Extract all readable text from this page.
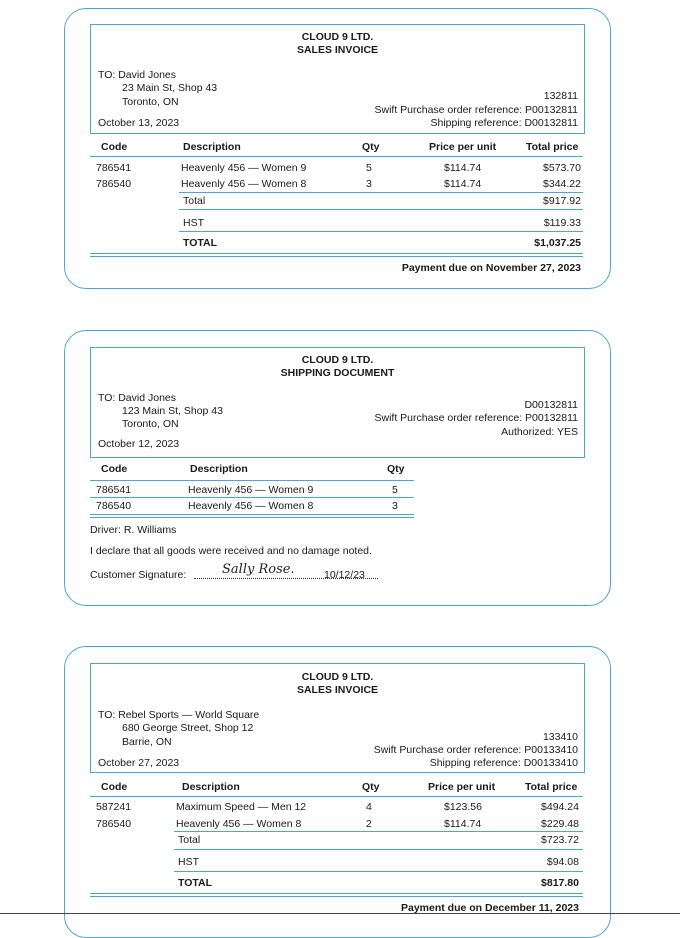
CLOUD 9 LTD.
SALES INVOICE
TO: David Jones
23 Main St, Shop 43
Toronto, ON
October 13, 2023
132811
Swift Purchase order reference: P00132811
Shipping reference: D00132811
Code	Description	Qty	Price per unit	Total price
786541	Heavenly 456 — Women 9	5	$114.74	$573.70
786540	Heavenly 456 — Women 8	3	$114.74	$344.22
Total	$917.92
HST	$119.33
TOTAL	$1,037.25
Payment due on November 27, 2023
CLOUD 9 LTD.
SHIPPING DOCUMENT
TO: David Jones
123 Main St, Shop 43
Toronto, ON
October 12, 2023
D00132811
Swift Purchase order reference: P00132811
Authorized: YES
Code	Description	Qty
786541	Heavenly 456 — Women 9	5
786540	Heavenly 456 — Women 8	3
Driver: R. Williams
I declare that all goods were received and no damage noted.
Customer Signature:	Sally Rose.	10/12/23
CLOUD 9 LTD.
SALES INVOICE
TO: Rebel Sports — World Square
680 George Street, Shop 12
Barrie, ON
October 27, 2023
133410
Swift Purchase order reference: P00133410
Shipping reference: D00133410
Code	Description	Qty	Price per unit	Total price
587241	Maximum Speed — Men 12	4	$123.56	$494.24
786540	Heavenly 456 — Women 8	2	$114.74	$229.48
Total	$723.72
HST	$94.08
TOTAL	$817.80
Payment due on December 11, 2023
